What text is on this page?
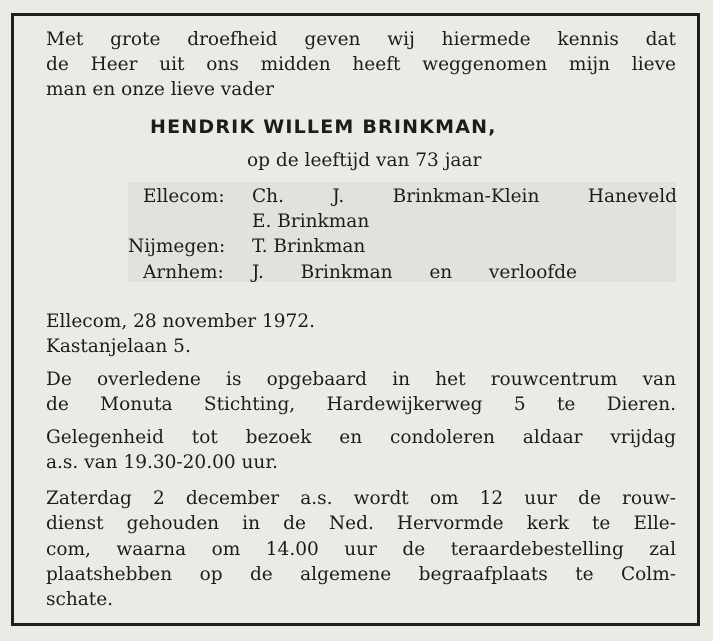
Met grote droefheid geven wij hiermede kennis dat
de Heer uit ons midden heeft weggenomen mijn lieve
man en onze lieve vader
HENDRIK WILLEM BRINKMAN,
op de leeftijd van 73 jaar
Ellecom: Ch. J. Brinkman-Klein Haneveld
E. Brinkman
Nijmegen: T. Brinkman
Arnhem: J. Brinkman en verloofde
Ellecom, 28 november 1972.
Kastanjelaan 5.
De overledene is opgebaard in het rouwcentrum van
de Monuta Stichting, Hardewijkerweg 5 te Dieren.
Gelegenheid tot bezoek en condoleren aldaar vrijdag
a.s. van 19.30-20.00 uur.
Zaterdag 2 december a.s. wordt om 12 uur de rouw-
dienst gehouden in de Ned. Hervormde kerk te Elle-
com, waarna om 14.00 uur de teraardebestelling zal
plaatshebben op de algemene begraafplaats te Colm-
schate.
